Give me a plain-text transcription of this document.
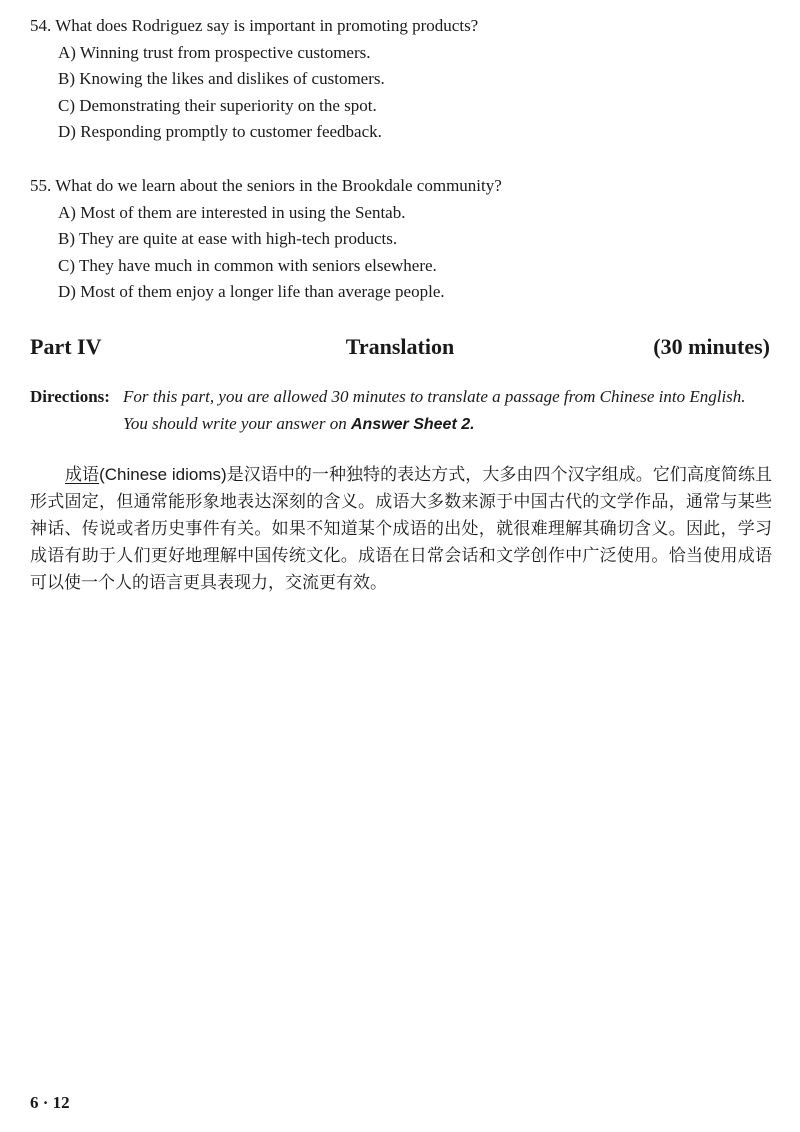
54. What does Rodriguez say is important in promoting products?

A) Winning trust from prospective customers.
B) Knowing the likes and dislikes of customers.
C) Demonstrating their superiority on the spot.
D) Responding promptly to customer feedback.

55. What do we learn about the seniors in the Brookdale community?

A) Most of them are interested in using the Sentab.
B) They are quite at ease with high-tech products.
C) They have much in common with seniors elsewhere.
D) Most of them enjoy a longer life than average people.
Part IV	Translation	(30 minutes)
Directions: For this part, you are allowed 30 minutes to translate a passage from Chinese into English.
You should write your answer on Answer Sheet 2.

成语(Chinese idioms)是汉语中的一种独特的表达方式，大多由四个汉字组成。它们高度简练且形式固定，但通常能形象地表达深刻的含义。成语大多数来源于中国古代的文学作品，通常与某些神话、传说或者历史事件有关。如果不知道某个成语的出处，就很难理解其确切含义。因此，学习成语有助于人们更好地理解中国传统文化。成语在日常会话和文学创作中广泛使用。恰当使用成语可以使一个人的语言更具表现力，交流更有效。

6 · 12
